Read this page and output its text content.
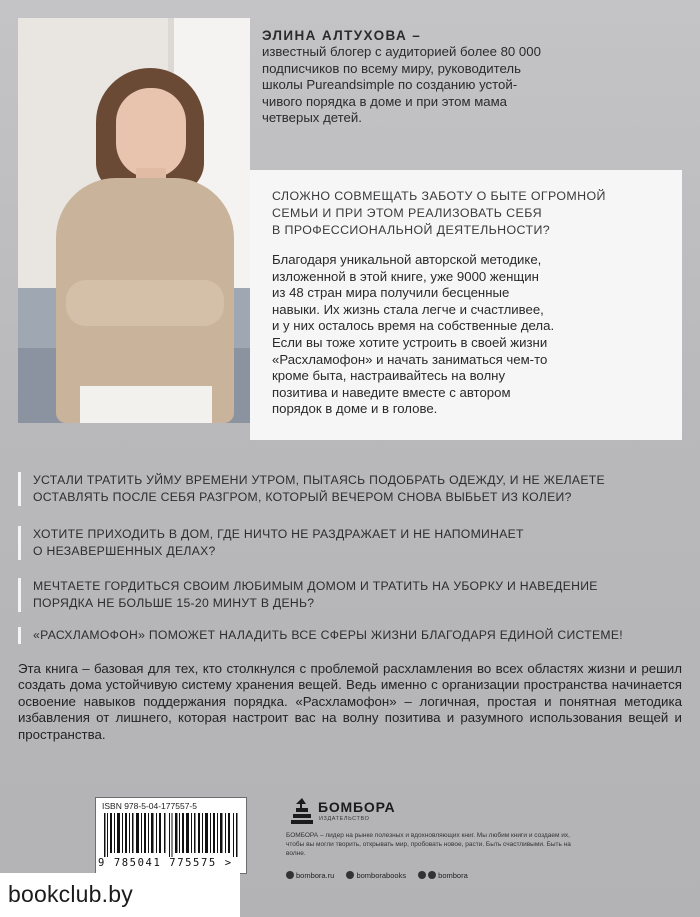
ЭЛИНА АЛТУХОВА –
известный блогер с аудиторией более 80 000
подписчиков по всему миру, руководитель
школы Pureandsimple по созданию устой-
чивого порядка в доме и при этом мама
четверых детей.
СЛОЖНО СОВМЕЩАТЬ ЗАБОТУ О БЫТЕ ОГРОМНОЙ
СЕМЬИ И ПРИ ЭТОМ РЕАЛИЗОВАТЬ СЕБЯ
В ПРОФЕССИОНАЛЬНОЙ ДЕЯТЕЛЬНОСТИ?
Благодаря уникальной авторской методике,
изложенной в этой книге, уже 9000 женщин
из 48 стран мира получили бесценные
навыки. Их жизнь стала легче и счастливее,
и у них осталось время на собственные дела.
Если вы тоже хотите устроить в своей жизни
«Расхламофон» и начать заниматься чем-то
кроме быта, настраивайтесь на волну
позитива и наведите вместе с автором
порядок в доме и в голове.
УСТАЛИ ТРАТИТЬ УЙМУ ВРЕМЕНИ УТРОМ, ПЫТАЯСЬ ПОДОБРАТЬ ОДЕЖДУ, И НЕ ЖЕЛАЕТЕ
ОСТАВЛЯТЬ ПОСЛЕ СЕБЯ РАЗГРОМ, КОТОРЫЙ ВЕЧЕРОМ СНОВА ВЫБЬЕТ ИЗ КОЛЕИ?
ХОТИТЕ ПРИХОДИТЬ В ДОМ, ГДЕ НИЧТО НЕ РАЗДРАЖАЕТ И НЕ НАПОМИНАЕТ
О НЕЗАВЕРШЕННЫХ ДЕЛАХ?
МЕЧТАЕТЕ ГОРДИТЬСЯ СВОИМ ЛЮБИМЫМ ДОМОМ И ТРАТИТЬ НА УБОРКУ И НАВЕДЕНИЕ
ПОРЯДКА НЕ БОЛЬШЕ 15-20 МИНУТ В ДЕНЬ?
«РАСХЛАМОФОН» ПОМОЖЕТ НАЛАДИТЬ ВСЕ СФЕРЫ ЖИЗНИ БЛАГОДАРЯ ЕДИНОЙ СИСТЕМЕ!
Эта книга – базовая для тех, кто столкнулся с проблемой расхламления во всех областях жизни и решил создать дома устойчивую систему хранения вещей. Ведь именно с организации пространства начинается освоение навыков поддержания порядка. «Расхламофон» – логичная, простая и понятная методика избавления от лишнего, которая настроит вас на волну позитива и разумного использования вещей и пространства.
ISBN 978-5-04-177557-5
9 785041 775575 >
БОМБОРА
ИЗДАТЕЛЬСТВО
БОМБОРА – лидер на рынке полезных и вдохновляющих книг. Мы любим книги и создаем их, чтобы вы могли творить, открывать мир, пробовать новое, расти. Быть счастливыми. Быть на волне.
bombora.ru	bomborabooks	bombora
bookclub.by
